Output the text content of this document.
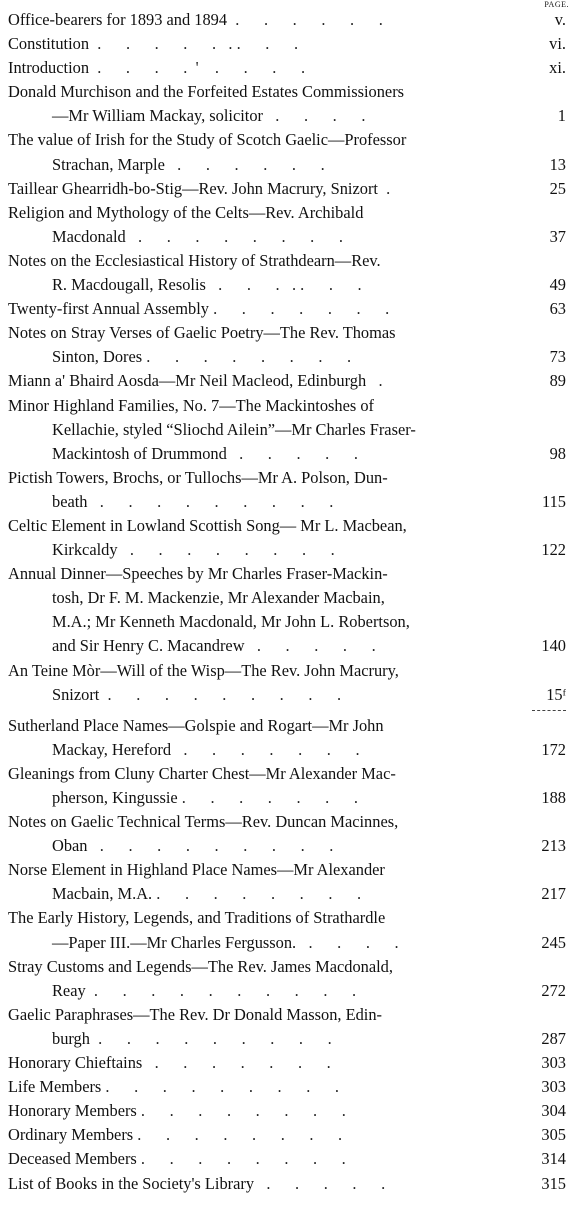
PAGE.
Office-bearers for 1893 and 1894  .      .      .      .      .      .	v.
Constitution  .      .      .      .      .   . .      .      .	vi.
Introduction  .      .      .      .  '    .      .      .      .	xi.
Donald Murchison and the Forfeited Estates Commissioners
—Mr William Mackay, solicitor   .      .      .      .	1
The value of Irish for the Study of Scotch Gaelic—Professor
Strachan, Marple   .      .      .      .      .      .	13
Taillear Ghearridh-bo-Stig—Rev. John Macrury, Snizort  .	25
Religion and Mythology of the Celts—Rev. Archibald
Macdonald   .      .      .      .      .      .      .      .	37
Notes on the Ecclesiastical History of Strathdearn—Rev.
R. Macdougall, Resolis   .      .      .   . .      .      .	49
Twenty-first Annual Assembly .      .      .      .      .      .      .	63
Notes on Stray Verses of Gaelic Poetry—The Rev. Thomas
Sinton, Dores .      .      .      .      .      .      .      .	73
Miann a' Bhaird Aosda—Mr Neil Macleod, Edinburgh   .	89
Minor Highland Families, No. 7—The Mackintoshes of
Kellachie, styled “Sliochd Ailein”—Mr Charles Fraser-
Mackintosh of Drummond   .      .      .      .      .	98
Pictish Towers, Brochs, or Tullochs—Mr A. Polson, Dun-
beath   .      .      .      .      .      .      .      .      .	115
Celtic Element in Lowland Scottish Song— Mr L. Macbean,
Kirkcaldy   .      .      .      .      .      .      .      .	122
Annual Dinner—Speeches by Mr Charles Fraser-Mackin-
tosh, Dr F. M. Mackenzie, Mr Alexander Macbain,
M.A.; Mr Kenneth Macdonald, Mr John L. Robertson,
and Sir Henry C. Macandrew   .      .      .      .      .	140
An Teine Mòr—Will of the Wisp—The Rev. John Macrury,
Snizort  .      .      .      .      .      .      .      .      .	15ᶠ
Sutherland Place Names—Golspie and Rogart—Mr John
Mackay, Hereford   .      .      .      .      .      .      .	172
Gleanings from Cluny Charter Chest—Mr Alexander Mac-
pherson, Kingussie .      .      .      .      .      .      .	188
Notes on Gaelic Technical Terms—Rev. Duncan Macinnes,
Oban   .      .      .      .      .      .      .      .      .	213
Norse Element in Highland Place Names—Mr Alexander
Macbain, M.A. .      .      .      .      .      .      .      .	217
The Early History, Legends, and Traditions of Strathardle
—Paper III.—Mr Charles Fergusson.   .      .      .      .	245
Stray Customs and Legends—The Rev. James Macdonald,
Reay  .      .      .      .      .      .      .      .      .      .	272
Gaelic Paraphrases—The Rev. Dr Donald Masson, Edin-
burgh  .      .      .      .      .      .      .      .      .	287
Honorary Chieftains   .      .      .      .      .      .      .	303
Life Members .      .      .      .      .      .      .      .      .	303
Honorary Members .      .      .      .      .      .      .      .	304
Ordinary Members .      .      .      .      .      .      .      .	305
Deceased Members .      .      .      .      .      .      .      .	314
List of Books in the Society's Library   .      .      .      .      .	315
